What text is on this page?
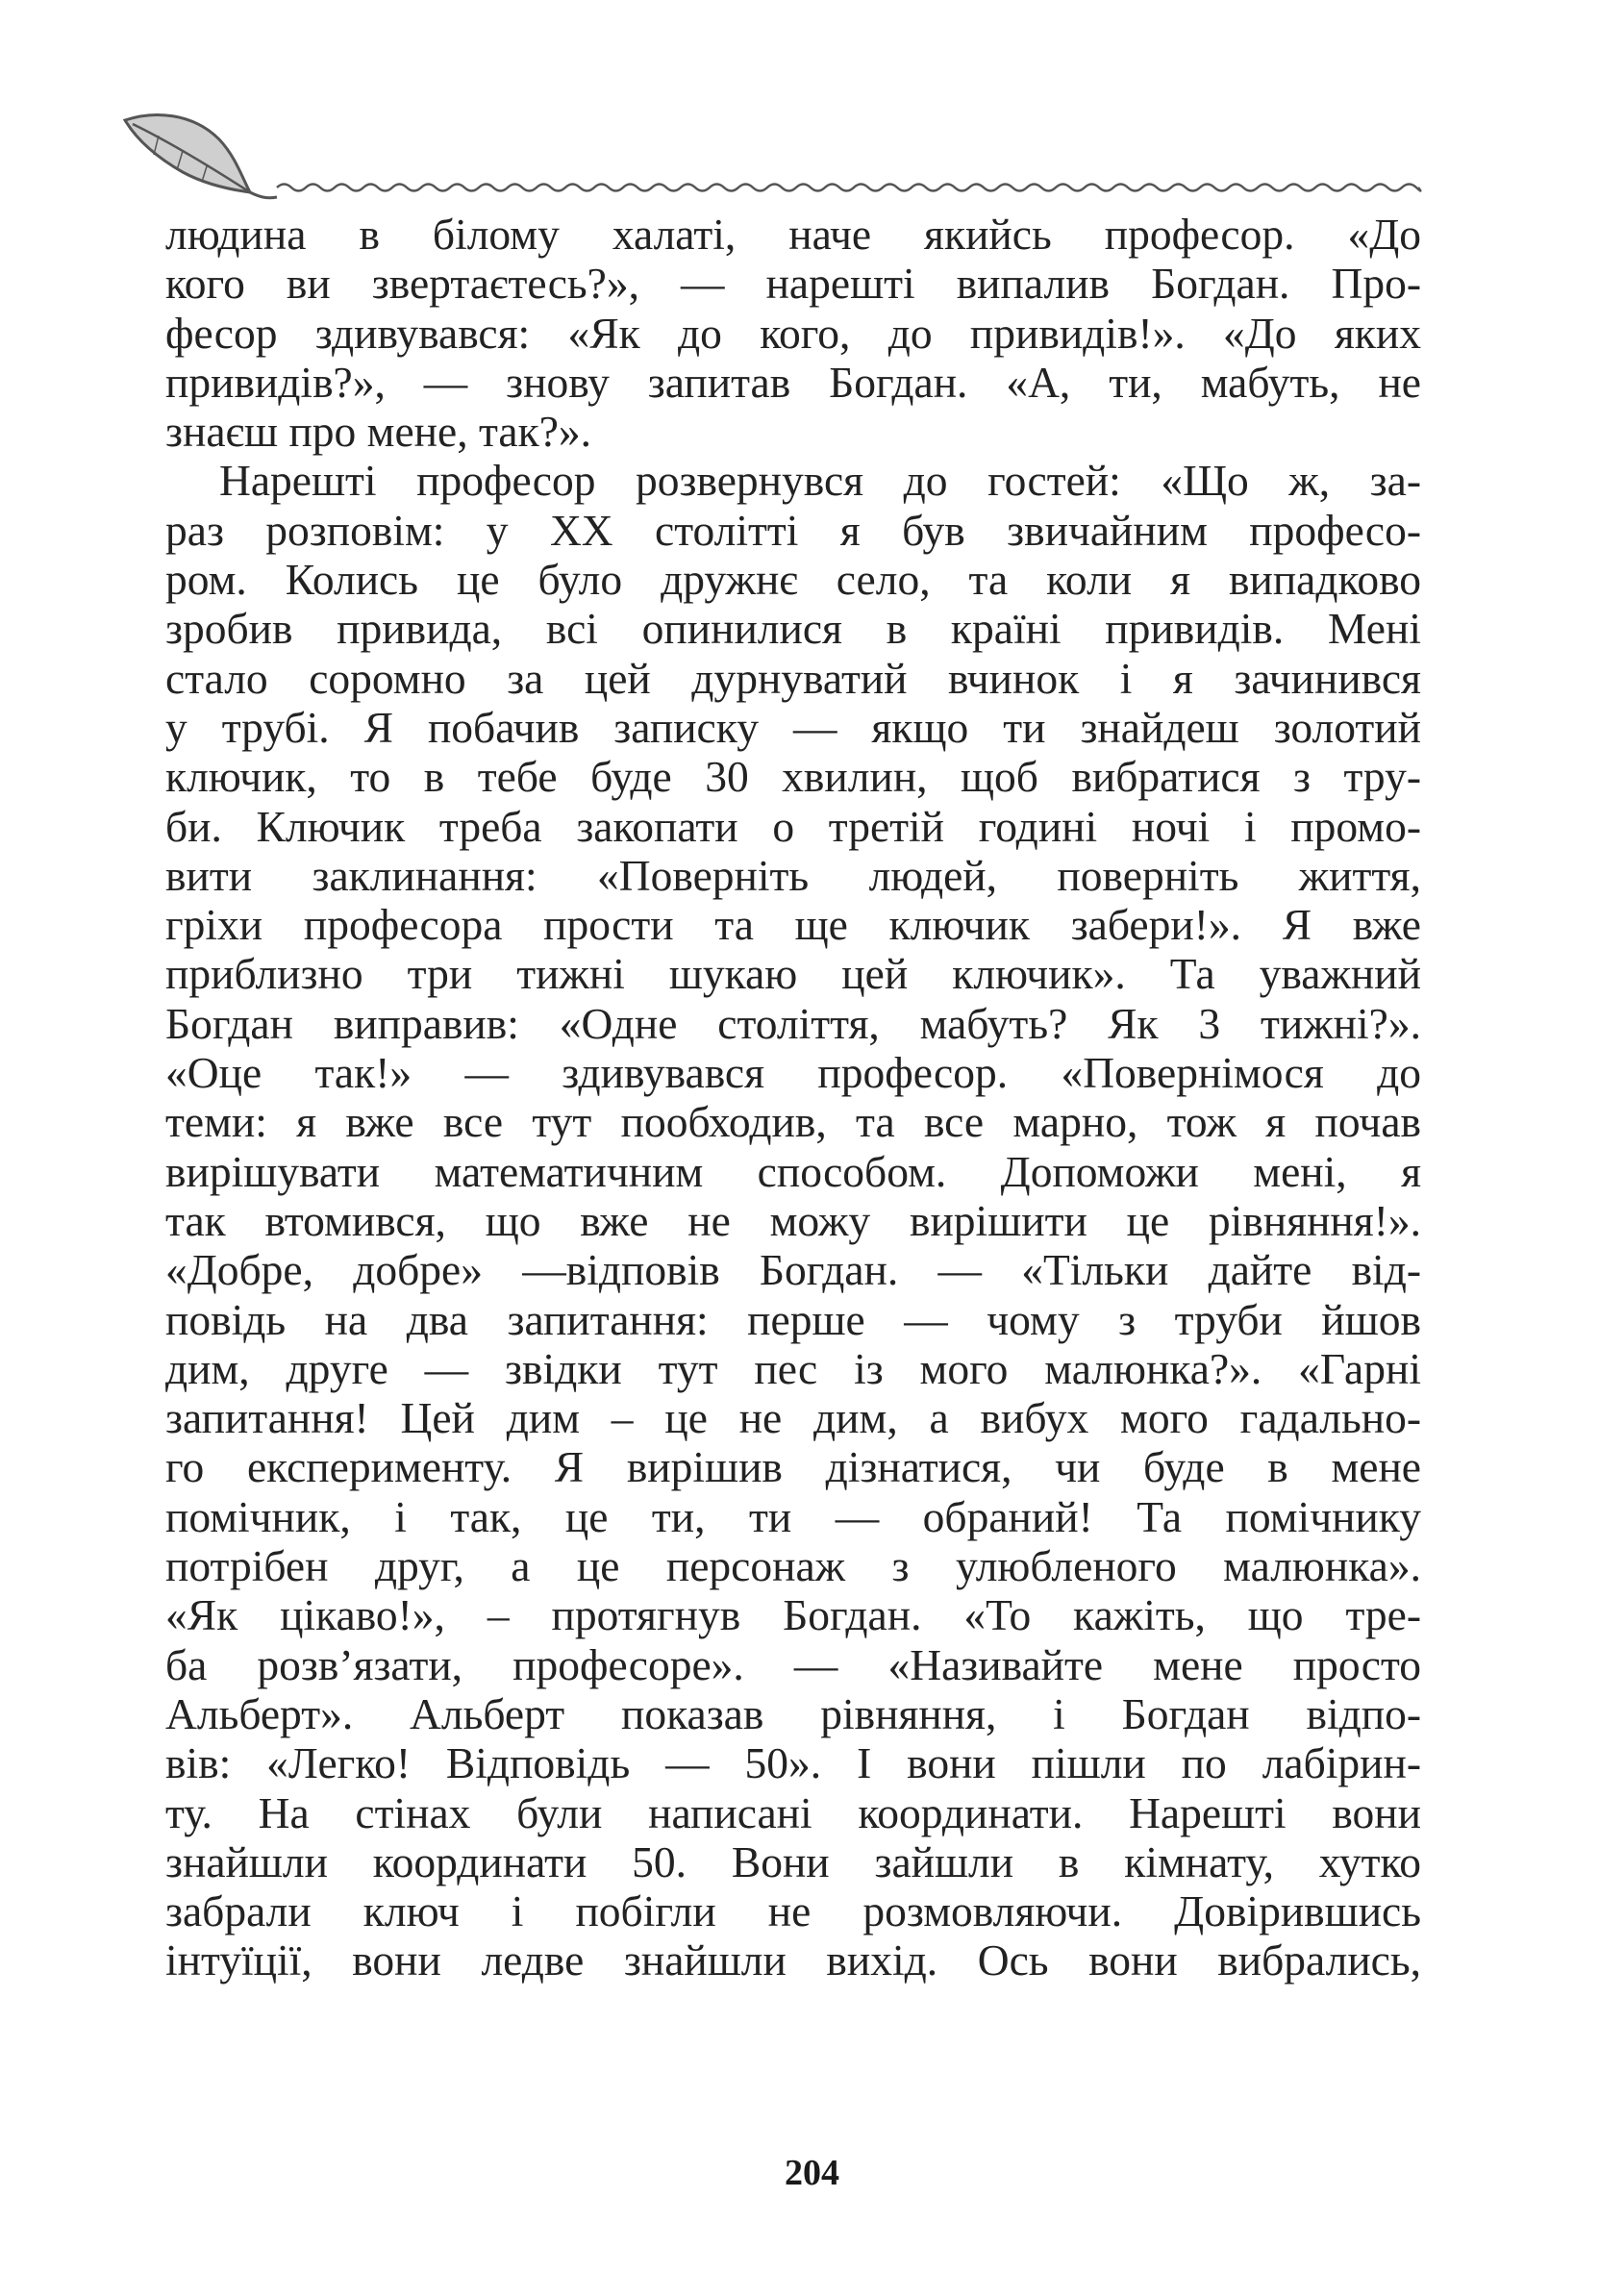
людина в білому халаті, наче якийсь професор. «До
кого ви звертаєтесь?», — нарешті випалив Богдан. Про-
фесор здивувався: «Як до кого, до привидів!». «До яких
привидів?», — знову запитав Богдан. «А, ти, мабуть, не
знаєш про мене, так?».
Нарешті професор розвернувся до гостей: «Що ж, за-
раз розповім: у XX столітті я був звичайним професо-
ром. Колись це було дружнє село, та коли я випадково
зробив привида, всі опинилися в країні привидів. Мені
стало соромно за цей дурнуватий вчинок і я зачинився
у трубі. Я побачив записку — якщо ти знайдеш золотий
ключик, то в тебе буде 30 хвилин, щоб вибратися з тру-
би. Ключик треба закопати о третій годині ночі і промо-
вити заклинання: «Поверніть людей, поверніть життя,
гріхи професора прости та ще ключик забери!». Я вже
приблизно три тижні шукаю цей ключик». Та уважний
Богдан виправив: «Одне століття, мабуть? Як 3 тижні?».
«Оце так!» — здивувався професор. «Повернімося до
теми: я вже все тут пообходив, та все марно, тож я почав
вирішувати математичним способом. Допоможи мені, я
так втомився, що вже не можу вирішити це рівняння!».
«Добре, добре» —відповів Богдан. — «Тільки дайте від-
повідь на два запитання: перше — чому з труби йшов
дим, друге — звідки тут пес із мого малюнка?». «Гарні
запитання! Цей дим – це не дим, а вибух мого гадально-
го експерименту. Я вирішив дізнатися, чи буде в мене
помічник, і так, це ти, ти — обраний! Та помічнику
потрібен друг, а це персонаж з улюбленого малюнка».
«Як цікаво!», – протягнув Богдан. «То кажіть, що тре-
ба розв’язати, професоре». — «Називайте мене просто
Альберт». Альберт показав рівняння, і Богдан відпо-
вів: «Легко! Відповідь — 50». І вони пішли по лабірин-
ту. На стінах були написані координати. Нарешті вони
знайшли координати 50. Вони зайшли в кімнату, хутко
забрали ключ і побігли не розмовляючи. Довірившись
інтуїції, вони ледве знайшли вихід. Ось вони вибрались,
204
